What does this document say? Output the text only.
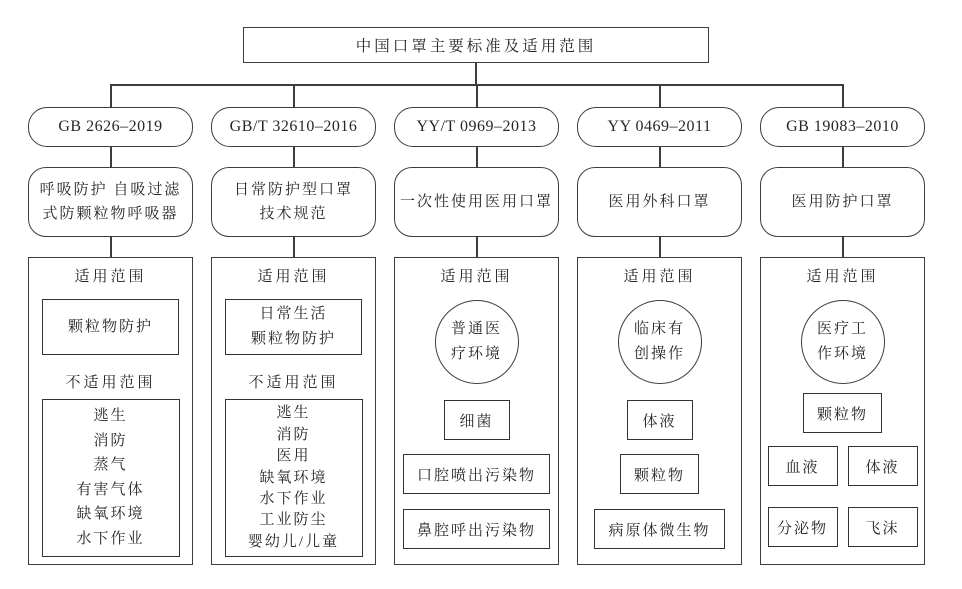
中国口罩主要标准及适用范围
GB 2626–2019
呼吸防护 自吸过滤
式防颗粒物呼吸器
适用范围
颗粒物防护
不适用范围
逃生
消防
蒸气
有害气体
缺氧环境
水下作业
GB/T 32610–2016
日常防护型口罩
技术规范
适用范围
日常生活
颗粒物防护
不适用范围
逃生
消防
医用
缺氧环境
水下作业
工业防尘
婴幼儿/儿童
YY/T 0969–2013
一次性使用医用口罩
适用范围
普通医
疗环境
细菌
口腔喷出污染物
鼻腔呼出污染物
YY 0469–2011
医用外科口罩
适用范围
临床有
创操作
体液
颗粒物
病原体微生物
GB 19083–2010
医用防护口罩
适用范围
医疗工
作环境
颗粒物
血液	体液
分泌物	飞沫
